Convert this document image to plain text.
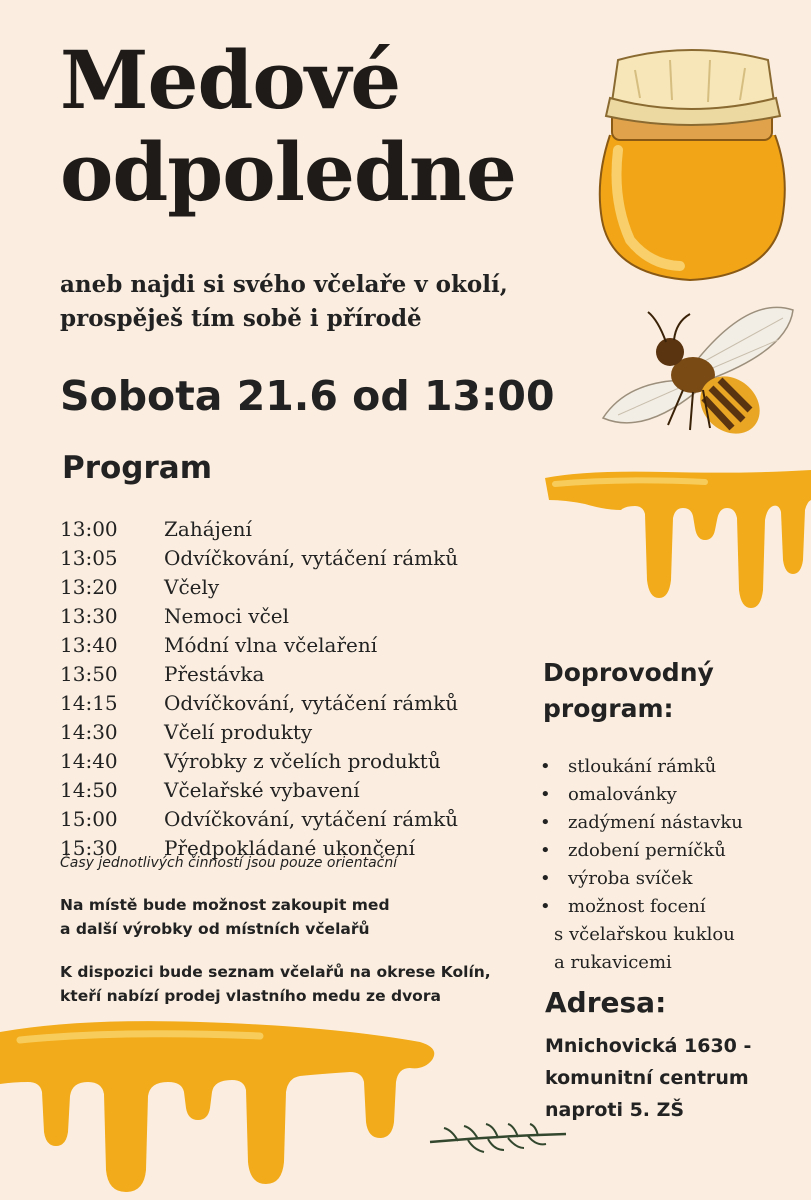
Medové
odpoledne
aneb najdi si svého včelaře v okolí,
prospěješ tím sobě i přírodě
Sobota 21.6 od 13:00
Program
13:00	Zahájení
13:05	Odvíčkování, vytáčení rámků
13:20	Včely
13:30	Nemoci včel
13:40	Módní vlna včelaření
13:50	Přestávka
14:15	Odvíčkování, vytáčení rámků
14:30	Včelí produkty
14:40	Výrobky z včelích produktů
14:50	Včelařské vybavení
15:00	Odvíčkování, vytáčení rámků
15:30	Předpokládané ukončení
Časy jednotlivých činností jsou pouze orientační
Na místě bude možnost zakoupit med
a další výrobky od místních včelařů
K dispozici bude seznam včelařů na okrese Kolín,
kteří nabízí prodej vlastního medu ze dvora
Doprovodný
program:
• stloukání rámků
• omalovánky
• zadýmení nástavku
• zdobení perníčků
• výroba svíček
• možnost focení
s včelařskou kuklou
a rukavicemi
Adresa:
Mnichovická 1630 -
komunitní centrum
naproti 5. ZŠ
